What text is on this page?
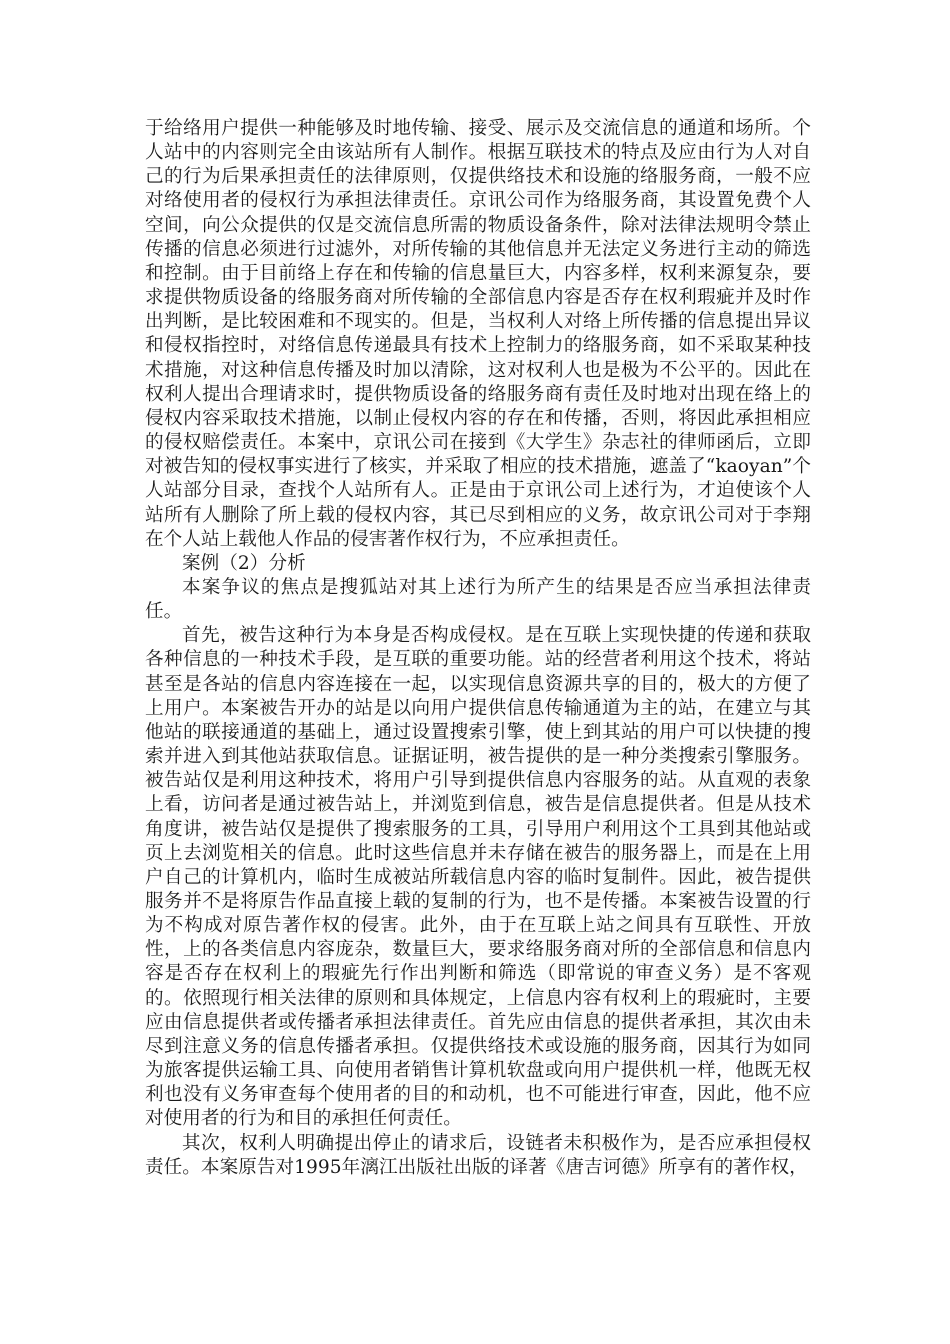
于给络用户提供一种能够及时地传输、接受、展示及交流信息的通道和场所。个人站中的内容则完全由该站所有人制作。根据互联技术的特点及应由行为人对自己的行为后果承担责任的法律原则，仅提供络技术和设施的络服务商，一般不应对络使用者的侵权行为承担法律责任。京讯公司作为络服务商，其设置免费个人空间，向公众提供的仅是交流信息所需的物质设备条件，除对法律法规明令禁止传播的信息必须进行过滤外，对所传输的其他信息并无法定义务进行主动的筛选和控制。由于目前络上存在和传输的信息量巨大，内容多样，权利来源复杂，要求提供物质设备的络服务商对所传输的全部信息内容是否存在权利瑕疵并及时作出判断，是比较困难和不现实的。但是，当权利人对络上所传播的信息提出异议和侵权指控时，对络信息传递最具有技术上控制力的络服务商，如不采取某种技术措施，对这种信息传播及时加以清除，这对权利人也是极为不公平的。因此在权利人提出合理请求时，提供物质设备的络服务商有责任及时地对出现在络上的侵权内容采取技术措施，以制止侵权内容的存在和传播，否则，将因此承担相应的侵权赔偿责任。本案中，京讯公司在接到《大学生》杂志社的律师函后，立即对被告知的侵权事实进行了核实，并采取了相应的技术措施，遮盖了“kaoyan”个人站部分目录，查找个人站所有人。正是由于京讯公司上述行为，才迫使该个人站所有人删除了所上载的侵权内容，其已尽到相应的义务，故京讯公司对于李翔在个人站上载他人作品的侵害著作权行为，不应承担责任。

案例（2）分析

本案争议的焦点是搜狐站对其上述行为所产生的结果是否应当承担法律责任。

首先，被告这种行为本身是否构成侵权。是在互联上实现快捷的传递和获取各种信息的一种技术手段，是互联的重要功能。站的经营者利用这个技术，将站甚至是各站的信息内容连接在一起，以实现信息资源共享的目的，极大的方便了上用户。本案被告开办的站是以向用户提供信息传输通道为主的站，在建立与其他站的联接通道的基础上，通过设置搜索引擎，使上到其站的用户可以快捷的搜索并进入到其他站获取信息。证据证明，被告提供的是一种分类搜索引擎服务。被告站仅是利用这种技术，将用户引导到提供信息内容服务的站。从直观的表象上看，访问者是通过被告站上，并浏览到信息，被告是信息提供者。但是从技术角度讲，被告站仅是提供了搜索服务的工具，引导用户利用这个工具到其他站或页上去浏览相关的信息。此时这些信息并未存储在被告的服务器上，而是在上用户自己的计算机内，临时生成被站所载信息内容的临时复制件。因此，被告提供服务并不是将原告作品直接上载的复制的行为，也不是传播。本案被告设置的行为不构成对原告著作权的侵害。此外，由于在互联上站之间具有互联性、开放性，上的各类信息内容庞杂，数量巨大，要求络服务商对所的全部信息和信息内容是否存在权利上的瑕疵先行作出判断和筛选（即常说的审查义务）是不客观的。依照现行相关法律的原则和具体规定，上信息内容有权利上的瑕疵时，主要应由信息提供者或传播者承担法律责任。首先应由信息的提供者承担，其次由未尽到注意义务的信息传播者承担。仅提供络技术或设施的服务商，因其行为如同为旅客提供运输工具、向使用者销售计算机软盘或向用户提供机一样，他既无权利也没有义务审查每个使用者的目的和动机，也不可能进行审查，因此，他不应对使用者的行为和目的承担任何责任。

其次，权利人明确提出停止的请求后，设链者未积极作为，是否应承担侵权责任。本案原告对1995年漓江出版社出版的译著《唐吉诃德》所享有的著作权，
